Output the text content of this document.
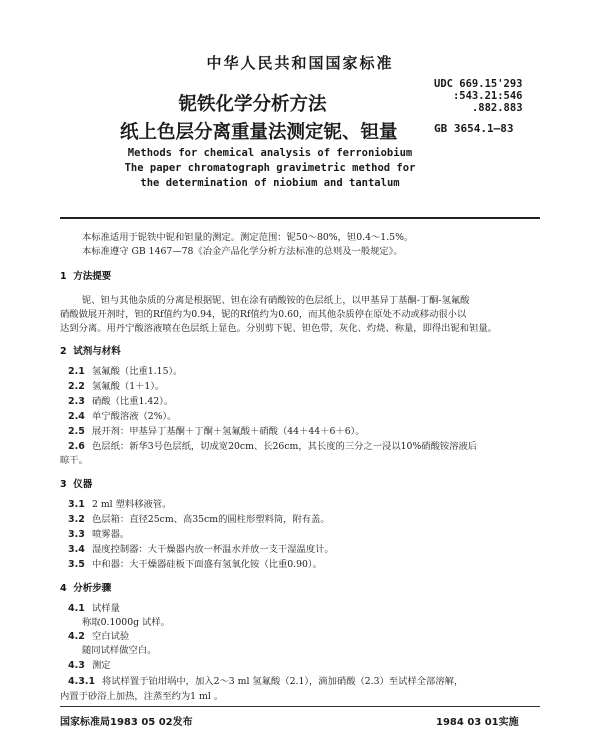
中华人民共和国国家标准
UDC 669.15'293
:543.21:546
.882.883
GB 3654.1—83
铌铁化学分析方法
纸上色层分离重量法测定铌、钽量
Methods for chemical analysis of ferroniobium
The paper chromatograph gravimetric method for
the determination of niobium and tantalum
本标准适用于铌铁中铌和钽量的测定。测定范围：铌50～80%，钽0.4～1.5%。
本标准遵守 GB 1467—78《冶金产品化学分析方法标准的总则及一般规定》。
1 方法提要
铌、钽与其他杂质的分离是根据铌、钽在涂有硝酸铵的色层纸上，以甲基异丁基酮-丁酮-氢氟酸
硝酸做展开剂时，钽的Rf值约为0.94，铌的Rf值约为0.60，而其他杂质停在原处不动或移动很小以
达到分离。用丹宁酸溶液喷在色层纸上显色。分别剪下铌、钽色带，灰化、灼烧、称量，即得出铌和钽量。
2 试剂与材料
2.1 氢氟酸（比重1.15）。
2.2 氢氟酸（1＋1）。
2.3 硝酸（比重1.42）。
2.4 单宁酸溶液（2%）。
2.5 展开剂：甲基异丁基酮＋丁酮＋氢氟酸＋硝酸（44＋44＋6＋6）。
2.6 色层纸：新华3号色层纸，切成宽20cm、长26cm，其长度的三分之一浸以10%硝酸铵溶液后
晾干。
3 仪器
3.1 2 ml 塑料移液管。
3.2 色层箱：直径25cm、高35cm的圆柱形塑料筒，附有盖。
3.3 喷雾器。
3.4 湿度控制器：大干燥器内放一杯温水并放一支干湿温度计。
3.5 中和器：大干燥器硅板下面盛有氢氧化铵（比重0.90）。
4 分析步骤
4.1 试样量
称取0.1000g 试样。
4.2 空白试验
随同试样做空白。
4.3 测定
4.3.1 将试样置于铂坩埚中，加入2～3 ml 氢氟酸（2.1），滴加硝酸（2.3）至试样全部溶解，
内置于砂浴上加热，注蒸至约为1 ml 。
国家标准局1983 05 02发布	1984 03 01实施
